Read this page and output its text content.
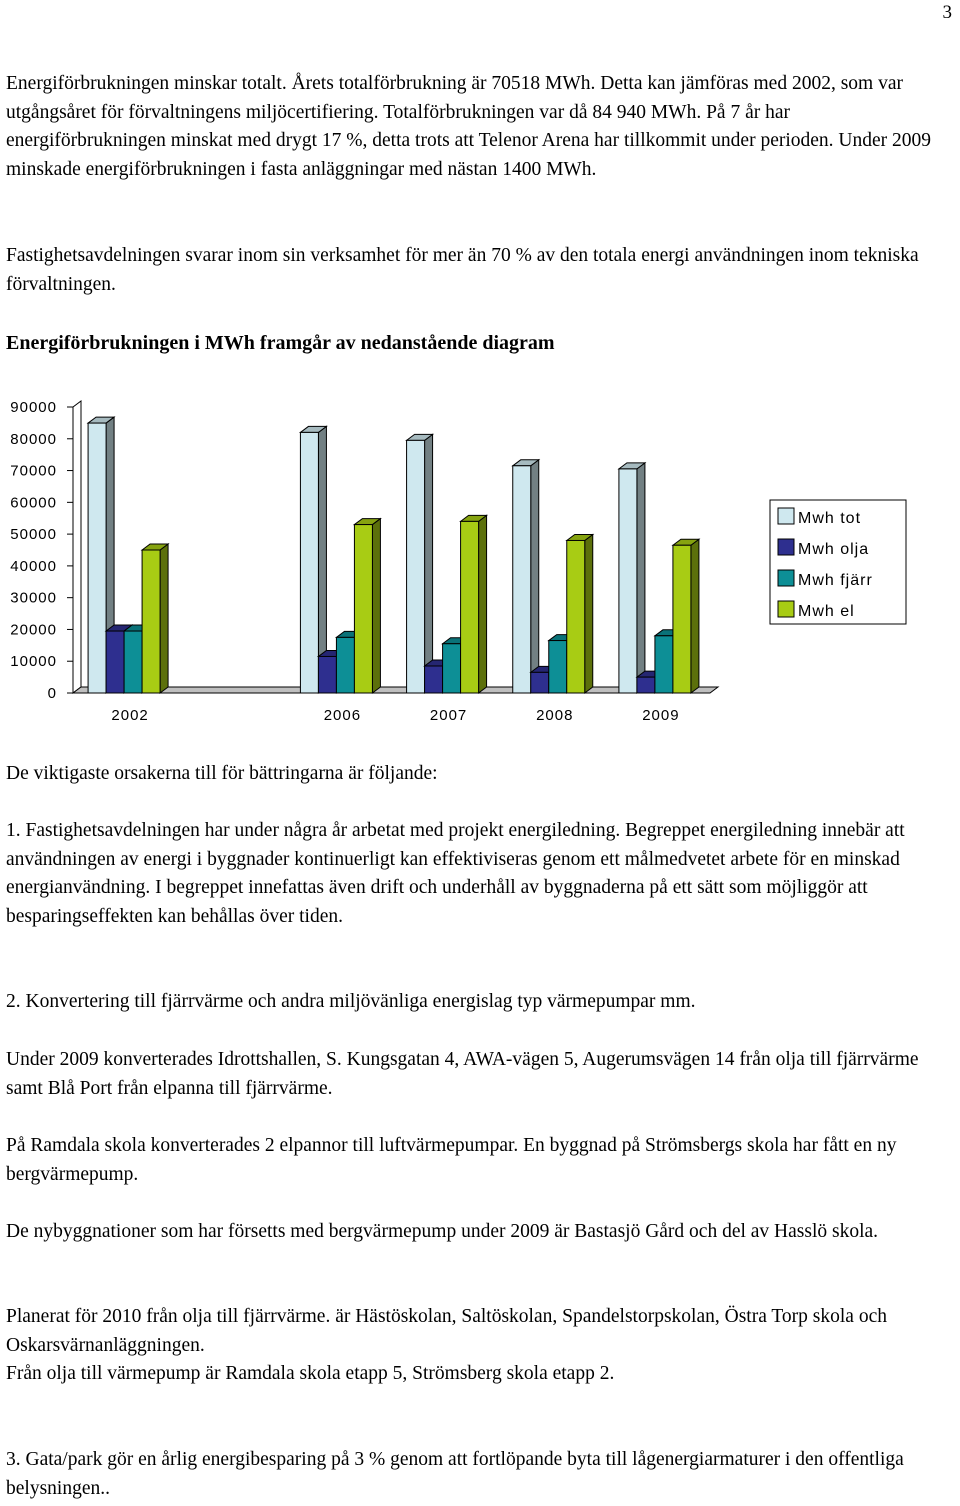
3

Energiförbrukningen minskar totalt. Årets totalförbrukning är 70518 MWh. Detta kan jämföras med 2002, som var utgångsåret för förvaltningens miljöcertifiering. Totalförbrukningen var då 84 940 MWh. På 7 år har energiförbrukningen minskat med drygt 17 %, detta trots att Telenor Arena har tillkommit under perioden. Under 2009 minskade energiförbrukningen i fasta anläggningar med nästan 1400 MWh.

Fastighetsavdelningen svarar inom sin verksamhet för mer än 70 % av den totala energi användningen inom tekniska förvaltningen.

Energiförbrukningen i MWh framgår av nedanstående diagram

0
10000
20000
30000
40000
50000
60000
70000
80000
90000
2002	2006	2007	2008	2009
Mwh tot
Mwh olja
Mwh fjärr
Mwh el

De viktigaste orsakerna till för bättringarna är följande:

1. Fastighetsavdelningen har under några år arbetat med projekt energiledning. Begreppet energiledning innebär att användningen av energi i byggnader kontinuerligt kan effektiviseras genom ett målmedvetet arbete för en minskad energianvändning. I begreppet innefattas även drift och underhåll av byggnaderna på ett sätt som möjliggör att besparingseffekten kan behållas över tiden.

2. Konvertering till fjärrvärme och andra miljövänliga energislag typ värmepumpar mm.

Under 2009 konverterades Idrottshallen, S. Kungsgatan 4, AWA-vägen 5, Augerumsvägen 14 från olja till fjärrvärme samt Blå Port från elpanna till fjärrvärme.

På Ramdala skola konverterades 2 elpannor till luftvärmepumpar. En byggnad på Strömsbergs skola har fått en ny bergvärmepump.

De nybyggnationer som har försetts med bergvärmepump under 2009 är Bastasjö Gård och del av Hasslö skola.

Planerat för 2010 från olja till fjärrvärme. är Hästöskolan, Saltöskolan, Spandelstorpskolan, Östra Torp skola och Oskarsvärnanläggningen.

Från olja till värmepump är Ramdala skola etapp 5, Strömsberg skola etapp 2.

3. Gata/park gör en årlig energibesparing på 3 % genom att fortlöpande byta till lågenergiarmaturer i den offentliga belysningen..
